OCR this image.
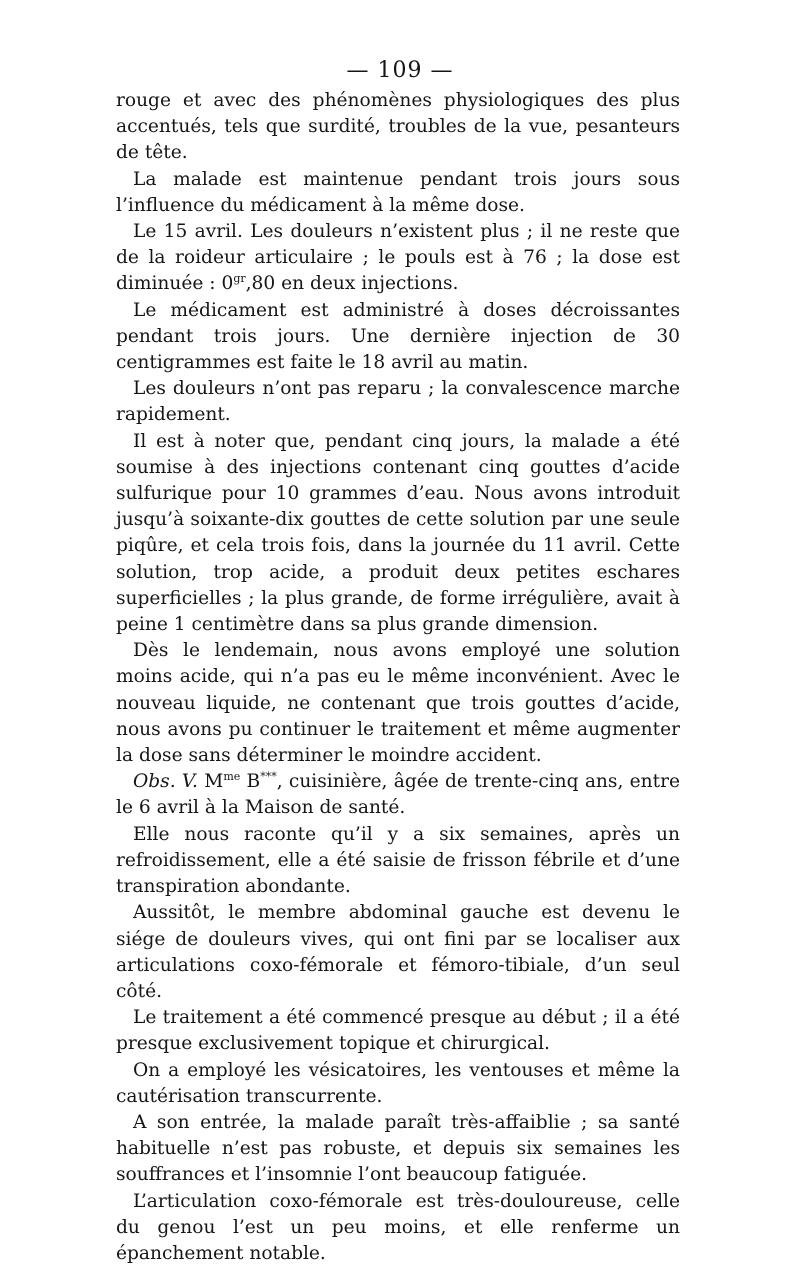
— 109 —

rouge et avec des phénomènes physiologiques des plus accentués, tels que surdité, troubles de la vue, pesanteurs de tête.

La malade est maintenue pendant trois jours sous l’influence du médicament à la même dose.

Le 15 avril. Les douleurs n’existent plus ; il ne reste que de la roideur articulaire ; le pouls est à 76 ; la dose est diminuée : $0^{gr},80$ en deux injections.

Le médicament est administré à doses décroissantes pendant trois jours. Une dernière injection de 30 centigrammes est faite le 18 avril au matin.

Les douleurs n’ont pas reparu ; la convalescence marche rapidement.

Il est à noter que, pendant cinq jours, la malade a été soumise à des injections contenant cinq gouttes d’acide sulfurique pour 10 grammes d’eau. Nous avons introduit jusqu’à soixante-dix gouttes de cette solution par une seule piqûre, et cela trois fois, dans la journée du 11 avril. Cette solution, trop acide, a produit deux petites eschares superficielles ; la plus grande, de forme irrégulière, avait à peine 1 centimètre dans sa plus grande dimension.

Dès le lendemain, nous avons employé une solution moins acide, qui n’a pas eu le même inconvénient. Avec le nouveau liquide, ne contenant que trois gouttes d’acide, nous avons pu continuer le traitement et même augmenter la dose sans déterminer le moindre accident.

Obs. V. $M^{me}$ B***, cuisinière, âgée de trente-cinq ans, entre le 6 avril à la Maison de santé.

Elle nous raconte qu’il y a six semaines, après un refroidissement, elle a été saisie de frisson fébrile et d’une transpiration abondante.

Aussitôt, le membre abdominal gauche est devenu le siége de douleurs vives, qui ont fini par se localiser aux articulations coxo-fémorale et fémoro-tibiale, d’un seul côté.

Le traitement a été commencé presque au début ; il a été presque exclusivement topique et chirurgical.

On a employé les vésicatoires, les ventouses et même la cautérisation transcurrente.

A son entrée, la malade paraît très-affaiblie ; sa santé habituelle n’est pas robuste, et depuis six semaines les souffrances et l’insomnie l’ont beaucoup fatiguée.

L’articulation coxo-fémorale est très-douloureuse, celle du genou l’est un peu moins, et elle renferme un épanchement notable.
